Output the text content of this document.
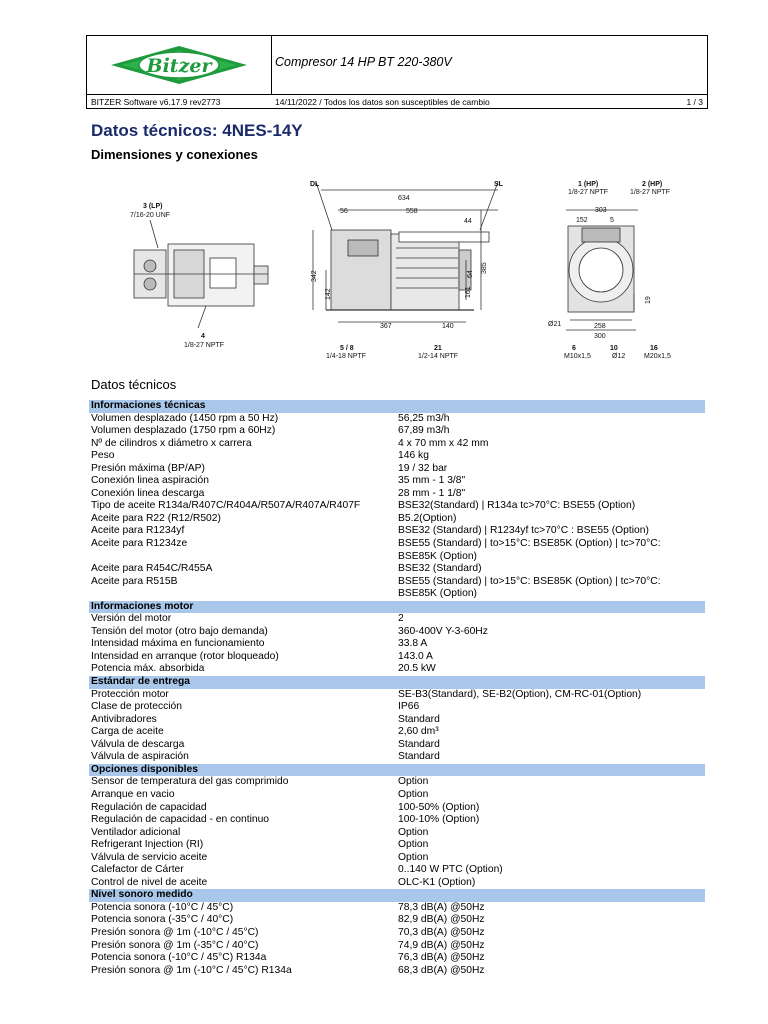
Bitzer	Compresor 14 HP BT 220-380V
BITZER Software v6.17.9 rev2773	14/11/2022 / Todos los datos son susceptibles de cambio	1 / 3
Datos técnicos: 4NES-14Y
Dimensiones y conexiones
3 (LP)
7/16-20 UNF
4
1/8-27 NPTF
DL	SL
634
558
56
44
342
142
64
161
385
367	140
5 / 8
1/4-18 NPTF
21
1/2-14 NPTF
1 (HP)
1/8-27 NPTF
2 (HP)
1/8-27 NPTF
303
152	5
19
Ø21	258
300
6
M10x1,5
10
Ø12
16
M20x1,5
Datos técnicos
Informaciones técnicas
Volumen desplazado (1450 rpm a 50 Hz)	56,25 m3/h
Volumen desplazado (1750 rpm a 60Hz)	67,89 m3/h
Nº de cilindros x diámetro x carrera	4 x 70 mm x 42 mm
Peso	146 kg
Presión máxima (BP/AP)	19 / 32 bar
Conexión linea aspiración	35 mm - 1 3/8"
Conexión linea descarga	28 mm - 1 1/8"
Tipo de aceite R134a/R407C/R404A/R507A/R407A/R407F	BSE32(Standard) | R134a tc>70°C: BSE55 (Option)
Aceite para R22 (R12/R502)	B5.2(Option)
Aceite para R1234yf	BSE32 (Standard) | R1234yf tc>70°C : BSE55 (Option)
Aceite para R1234ze	BSE55 (Standard) | to>15°C: BSE85K (Option) | tc>70°C:
BSE85K (Option)
Aceite para R454C/R455A	BSE32 (Standard)
Aceite para R515B	BSE55 (Standard) | to>15°C: BSE85K (Option) | tc>70°C:
BSE85K (Option)
Informaciones motor
Versión del motor	2
Tensión del motor (otro bajo demanda)	360-400V Y-3-60Hz
Intensidad máxima en funcionamiento	33.8 A
Intensidad en arranque (rotor bloqueado)	143.0 A
Potencia máx. absorbida	20.5 kW
Estándar de entrega
Protección motor	SE-B3(Standard), SE-B2(Option), CM-RC-01(Option)
Clase de protección	IP66
Antivibradores	Standard
Carga de aceite	2,60 dm³
Válvula de descarga	Standard
Válvula de aspiración	Standard
Opciones disponibles
Sensor de temperatura del gas comprimido	Option
Arranque en vacio	Option
Regulación de capacidad	100-50% (Option)
Regulación de capacidad - en continuo	100-10% (Option)
Ventilador adicional	Option
Refrigerant Injection (RI)	Option
Válvula de servicio aceite	Option
Calefactor de Cárter	0..140 W PTC (Option)
Control de nivel de aceite	OLC-K1 (Option)
Nivel sonoro medido
Potencia sonora (-10°C / 45°C)	78,3 dB(A) @50Hz
Potencia sonora (-35°C / 40°C)	82,9 dB(A) @50Hz
Presión sonora @ 1m (-10°C / 45°C)	70,3 dB(A) @50Hz
Presión sonora @ 1m (-35°C / 40°C)	74,9 dB(A) @50Hz
Potencia sonora (-10°C / 45°C) R134a	76,3 dB(A) @50Hz
Presión sonora @ 1m (-10°C / 45°C) R134a	68,3 dB(A) @50Hz
